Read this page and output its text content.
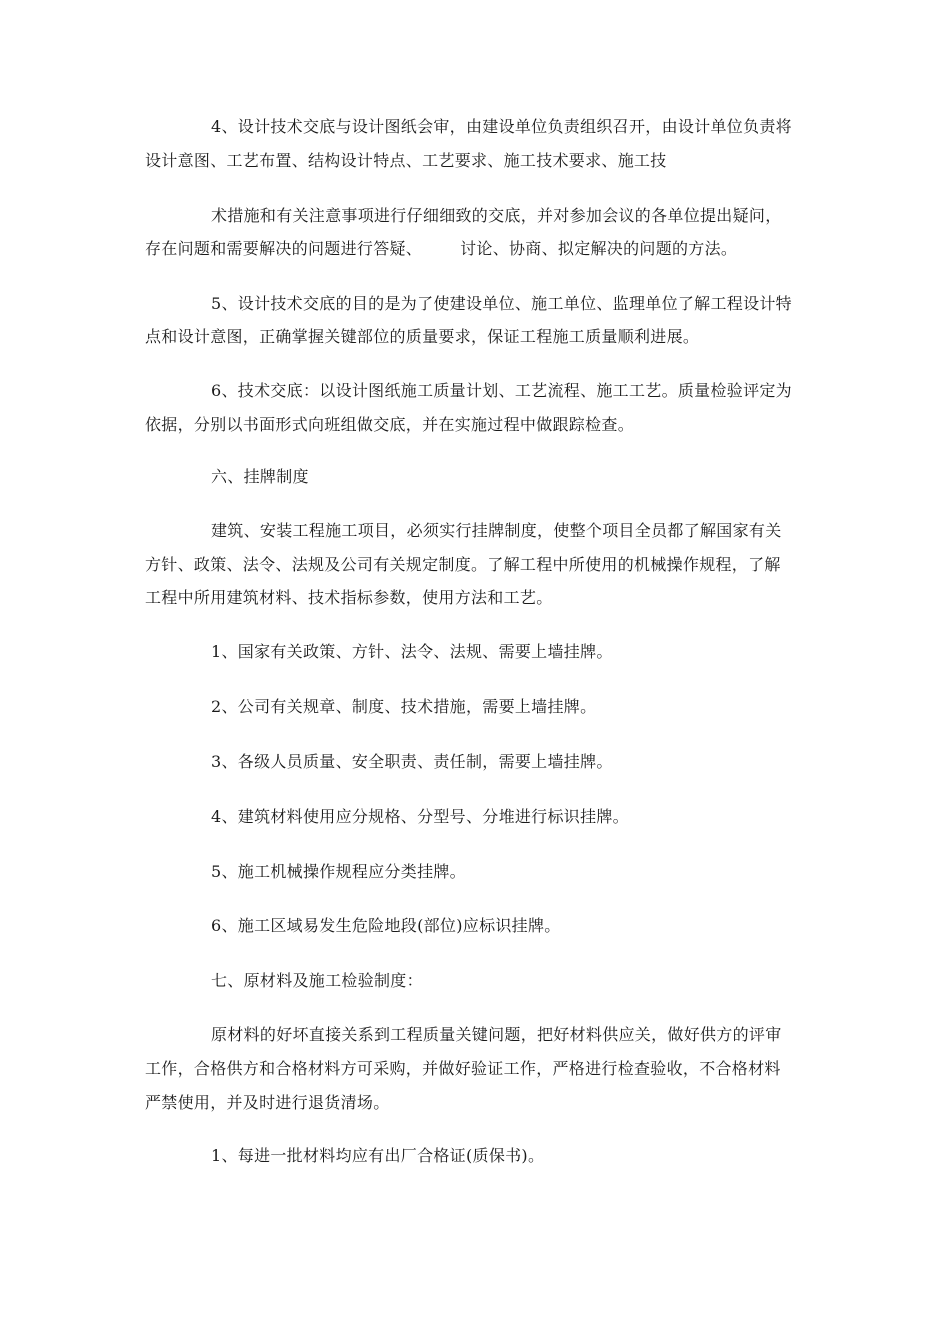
4、设计技术交底与设计图纸会审，由建设单位负责组织召开，由设计单位负责将
设计意图、工艺布置、结构设计特点、工艺要求、施工技术要求、施工技
术措施和有关注意事项进行仔细细致的交底，并对参加会议的各单位提出疑问，
存在问题和需要解决的问题进行答疑、 讨论、协商、拟定解决的问题的方法。
5、设计技术交底的目的是为了使建设单位、施工单位、监理单位了解工程设计特
点和设计意图，正确掌握关键部位的质量要求，保证工程施工质量顺利进展。
6、技术交底：以设计图纸施工质量计划、工艺流程、施工工艺。质量检验评定为
依据，分别以书面形式向班组做交底，并在实施过程中做跟踪检查。
六、挂牌制度
建筑、安装工程施工项目，必须实行挂牌制度，使整个项目全员都了解国家有关
方针、政策、法令、法规及公司有关规定制度。了解工程中所使用的机械操作规程，了解
工程中所用建筑材料、技术指标参数，使用方法和工艺。
1、国家有关政策、方针、法令、法规、需要上墙挂牌。
2、公司有关规章、制度、技术措施，需要上墙挂牌。
3、各级人员质量、安全职责、责任制，需要上墙挂牌。
4、建筑材料使用应分规格、分型号、分堆进行标识挂牌。
5、施工机械操作规程应分类挂牌。
6、施工区域易发生危险地段(部位)应标识挂牌。
七、原材料及施工检验制度：
原材料的好坏直接关系到工程质量关键问题，把好材料供应关，做好供方的评审
工作，合格供方和合格材料方可采购，并做好验证工作，严格进行检查验收，不合格材料
严禁使用，并及时进行退货清场。
1、每进一批材料均应有出厂合格证(质保书)。
